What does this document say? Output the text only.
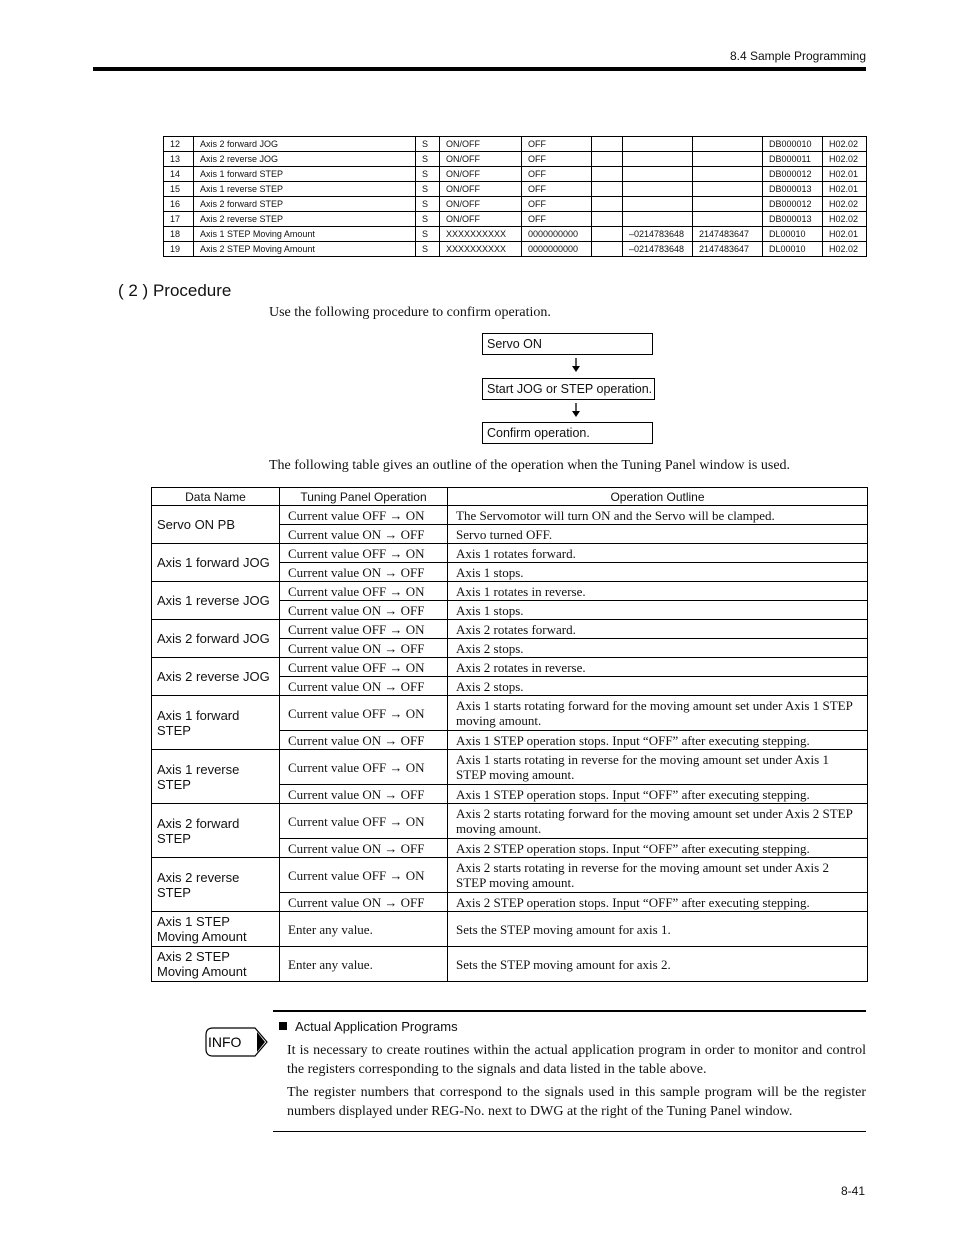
8.4 Sample Programming
12	Axis 2 forward JOG	S	ON/OFF	OFF				DB000010	H02.02
13	Axis 2 reverse JOG	S	ON/OFF	OFF				DB000011	H02.02
14	Axis 1 forward STEP	S	ON/OFF	OFF				DB000012	H02.01
15	Axis 1 reverse STEP	S	ON/OFF	OFF				DB000013	H02.01
16	Axis 2 forward STEP	S	ON/OFF	OFF				DB000012	H02.02
17	Axis 2 reverse STEP	S	ON/OFF	OFF				DB000013	H02.02
18	Axis 1 STEP Moving Amount	S	XXXXXXXXXX	0000000000		–0214783648	2147483647	DL00010	H02.01
19	Axis 2 STEP Moving Amount	S	XXXXXXXXXX	0000000000		–0214783648	2147483647	DL00010	H02.02
( 2 ) Procedure
Use the following procedure to confirm operation.
Servo ON
Start JOG or STEP operation.
Confirm operation.
The following table gives an outline of the operation when the Tuning Panel window is used.
Data Name	Tuning Panel Operation	Operation Outline
Servo ON PB	Current value OFF → ON	The Servomotor will turn ON and the Servo will be clamped.
	Current value ON → OFF	Servo turned OFF.
Axis 1 forward JOG	Current value OFF → ON	Axis 1 rotates forward.
	Current value ON → OFF	Axis 1 stops.
Axis 1 reverse JOG	Current value OFF → ON	Axis 1 rotates in reverse.
	Current value ON → OFF	Axis 1 stops.
Axis 2 forward JOG	Current value OFF → ON	Axis 2 rotates forward.
	Current value ON → OFF	Axis 2 stops.
Axis 2 reverse JOG	Current value OFF → ON	Axis 2 rotates in reverse.
	Current value ON → OFF	Axis 2 stops.
Axis 1 forward STEP	Current value OFF → ON	Axis 1 starts rotating forward for the moving amount set under Axis 1 STEP moving amount.
	Current value ON → OFF	Axis 1 STEP operation stops. Input “OFF” after executing stepping.
Axis 1 reverse STEP	Current value OFF → ON	Axis 1 starts rotating in reverse for the moving amount set under Axis 1 STEP moving amount.
	Current value ON → OFF	Axis 1 STEP operation stops. Input “OFF” after executing stepping.
Axis 2 forward STEP	Current value OFF → ON	Axis 2 starts rotating forward for the moving amount set under Axis 2 STEP moving amount.
	Current value ON → OFF	Axis 2 STEP operation stops. Input “OFF” after executing stepping.
Axis 2 reverse STEP	Current value OFF → ON	Axis 2 starts rotating in reverse for the moving amount set under Axis 2 STEP moving amount.
	Current value ON → OFF	Axis 2 STEP operation stops. Input “OFF” after executing stepping.
Axis 1 STEP Moving Amount	Enter any value.	Sets the STEP moving amount for axis 1.
Axis 2 STEP Moving Amount	Enter any value.	Sets the STEP moving amount for axis 2.
INFO
Actual Application Programs
It is necessary to create routines within the actual application program in order to monitor and control the registers corresponding to the signals and data listed in the table above.
The register numbers that correspond to the signals used in this sample program will be the register numbers displayed under REG-No. next to DWG at the right of the Tuning Panel window.
8-41
